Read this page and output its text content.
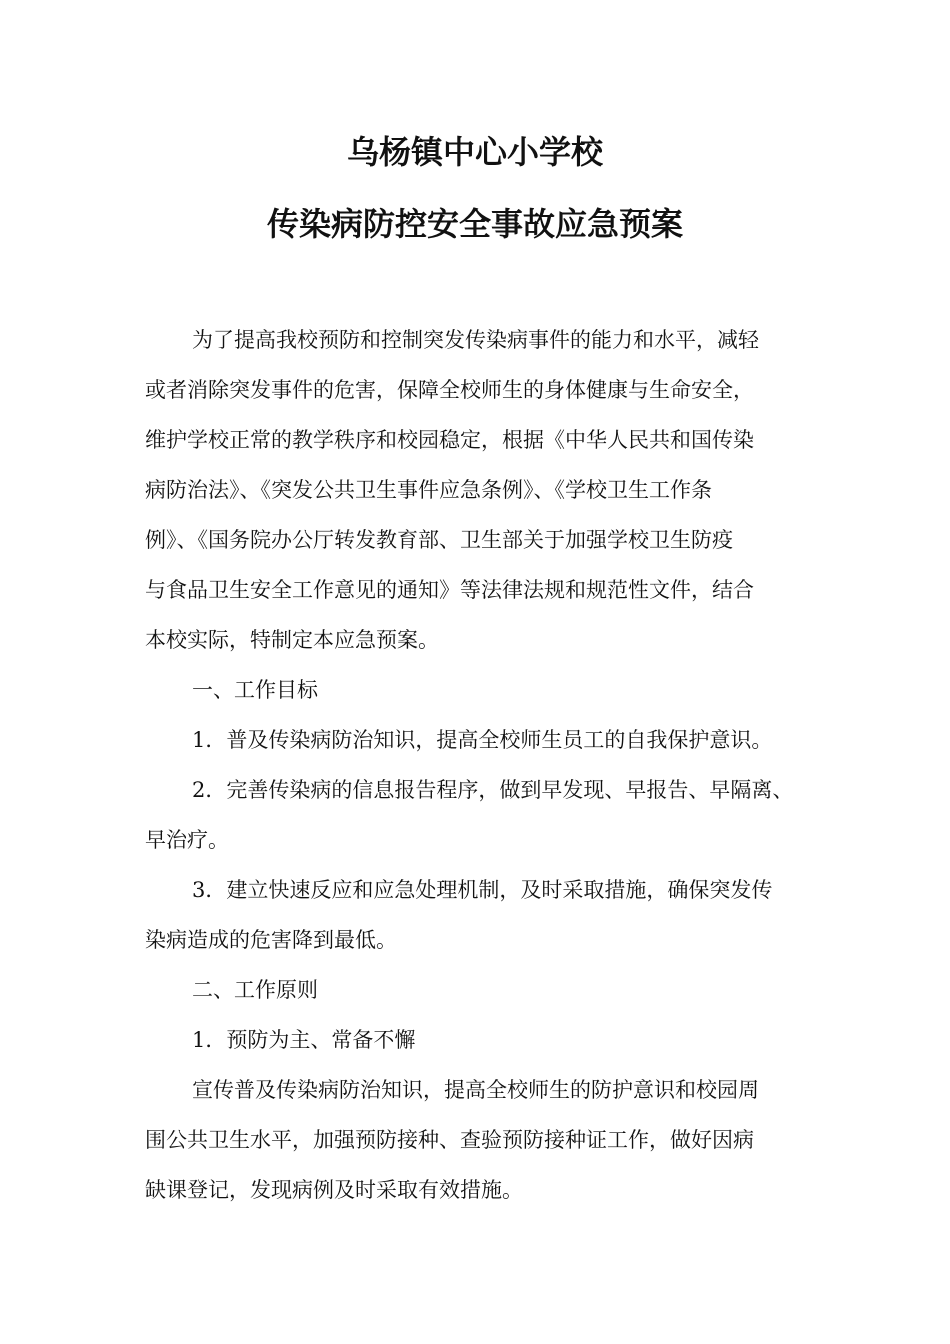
乌杨镇中心小学校
传染病防控安全事故应急预案
为了提高我校预防和控制突发传染病事件的能力和水平，减轻
或者消除突发事件的危害，保障全校师生的身体健康与生命安全，
维护学校正常的教学秩序和校园稳定，根据《中华人民共和国传染
病防治法》、《突发公共卫生事件应急条例》、《学校卫生工作条
例》、《国务院办公厅转发教育部、卫生部关于加强学校卫生防疫
与食品卫生安全工作意见的通知》等法律法规和规范性文件，结合
本校实际，特制定本应急预案。
一、工作目标
1．普及传染病防治知识，提高全校师生员工的自我保护意识。
2．完善传染病的信息报告程序，做到早发现、早报告、早隔离、
早治疗。
3．建立快速反应和应急处理机制，及时采取措施，确保突发传
染病造成的危害降到最低。
二、工作原则
1．预防为主、常备不懈
宣传普及传染病防治知识，提高全校师生的防护意识和校园周
围公共卫生水平，加强预防接种、查验预防接种证工作，做好因病
缺课登记，发现病例及时采取有效措施。
